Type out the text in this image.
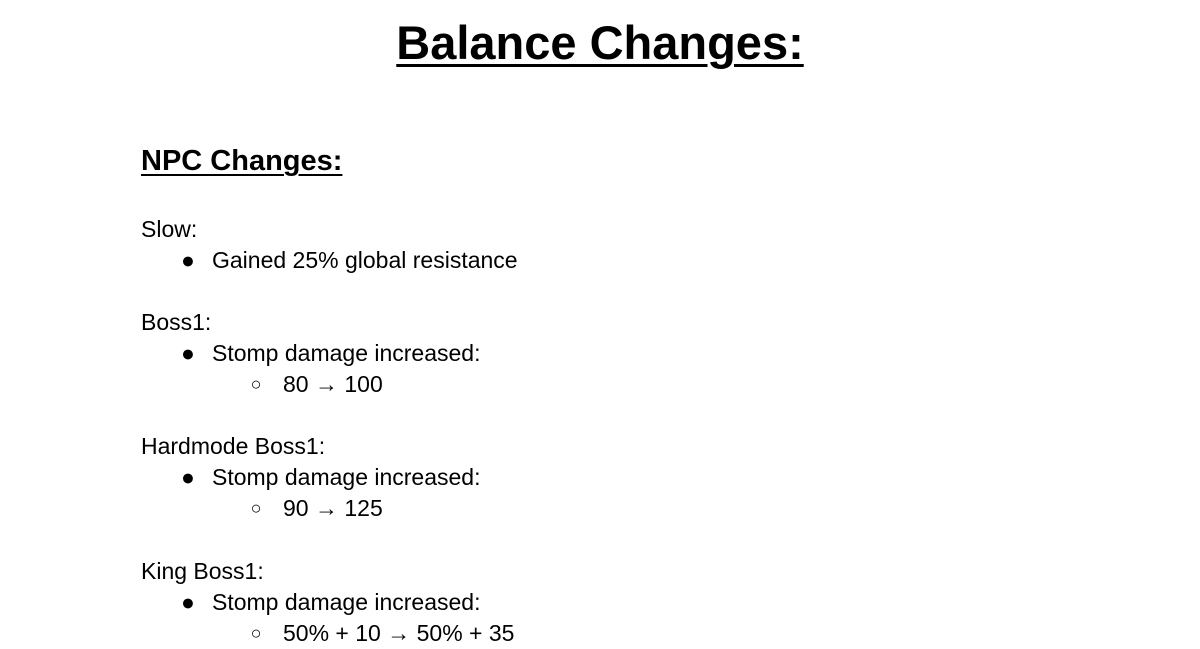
Balance Changes:
NPC Changes:
Slow:
● Gained 25% global resistance
Boss1:
● Stomp damage increased:
○ 80 → 100
Hardmode Boss1:
● Stomp damage increased:
○ 90 → 125
King Boss1:
● Stomp damage increased:
○ 50% + 10 → 50% + 35
